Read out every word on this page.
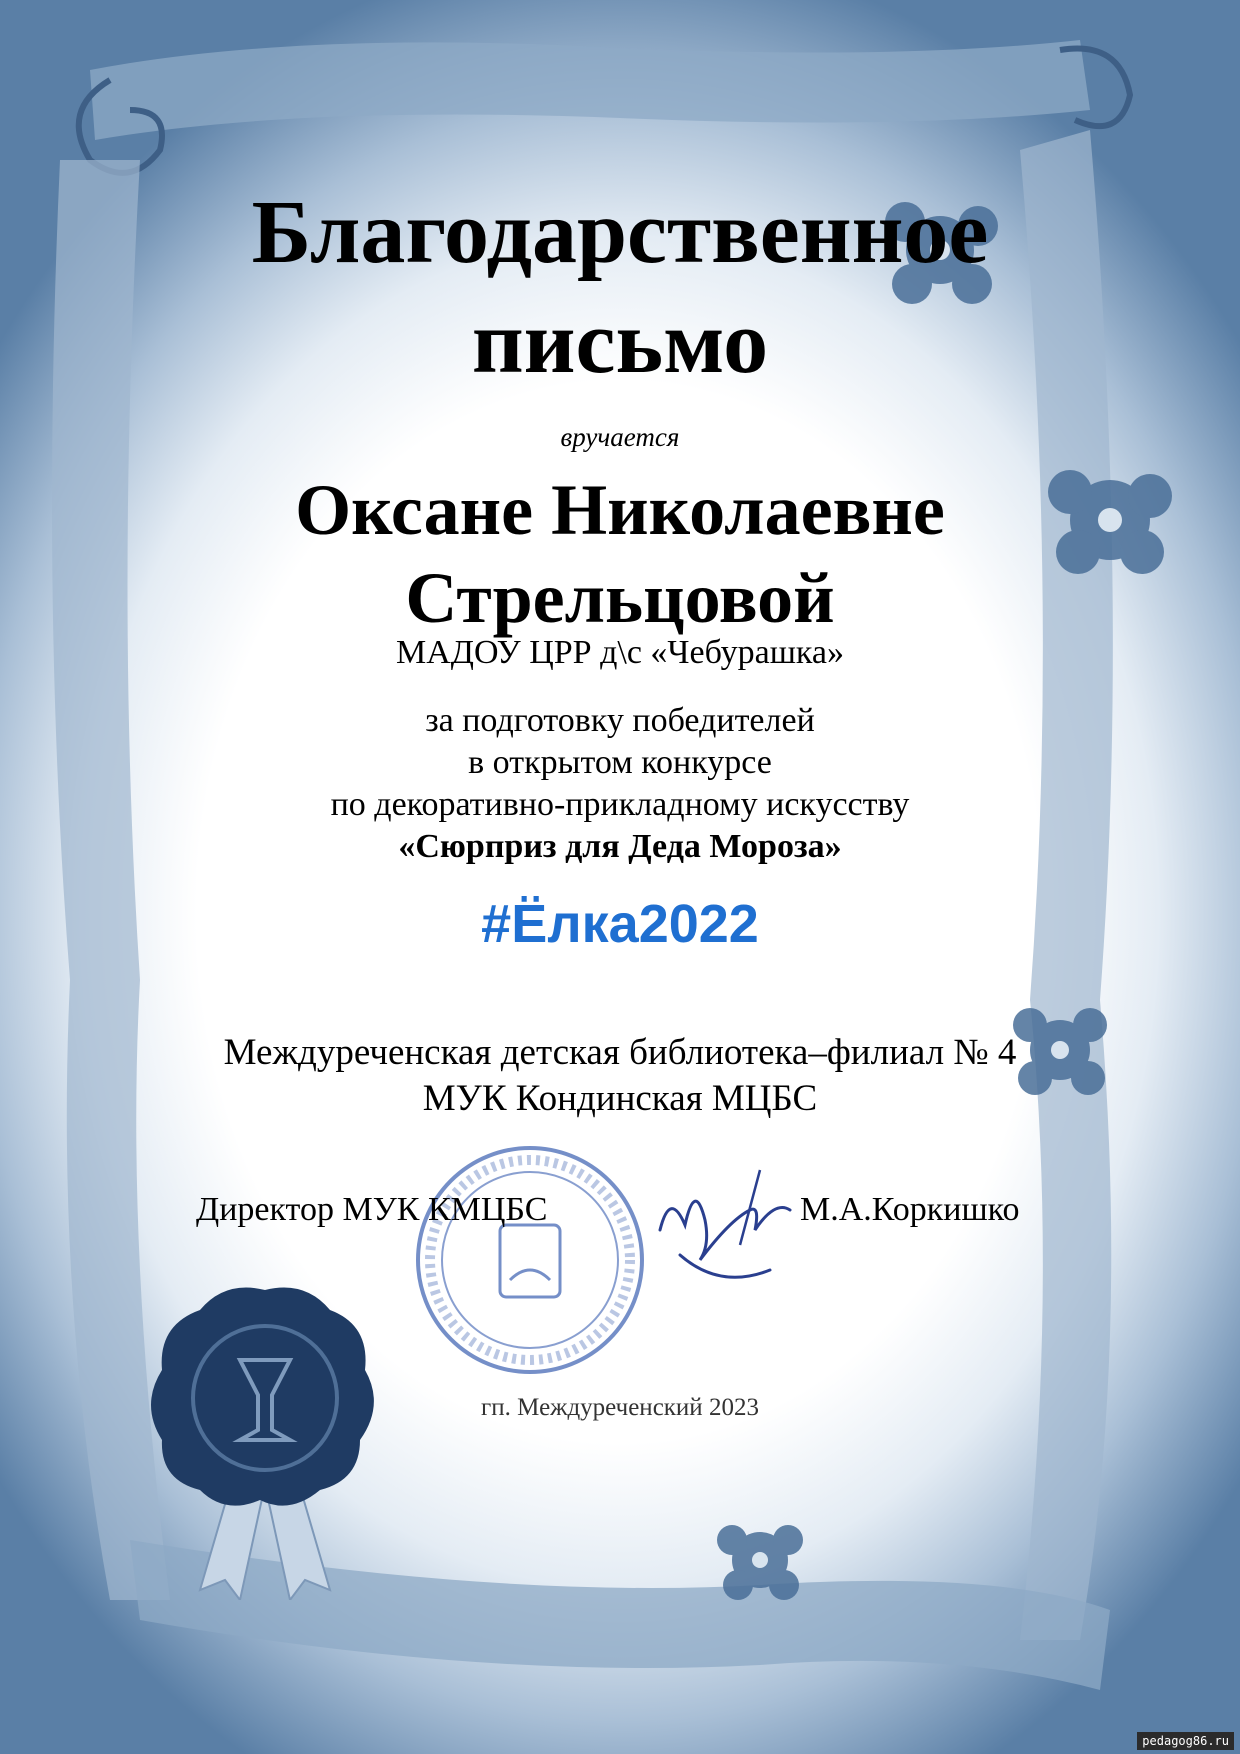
Благодарственное
письмо

вручается

Оксане Николаевне
Стрельцовой

МАДОУ ЦРР д\с «Чебурашка»

за подготовку победителей
в открытом конкурсе
по декоративно-прикладному искусству

«Сюрприз для Деда Мороза»

#Ёлка2022

Междуреченская детская библиотека–филиал № 4
МУК Кондинская МЦБС

Директор МУК КМЦБС	М.А.Коркишко

гп. Междуреченский 2023

pedagog86.ru
